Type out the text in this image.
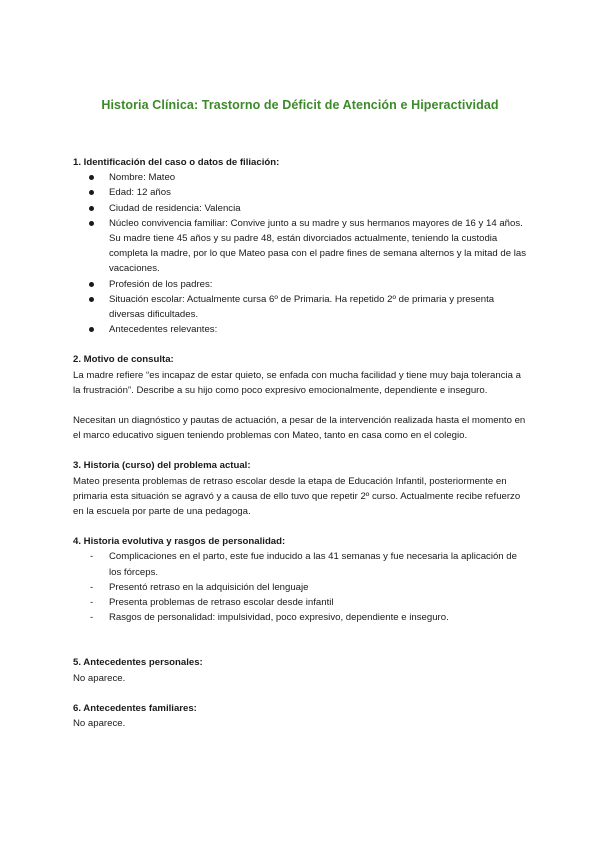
Historia Clínica: Trastorno de Déficit de Atención e Hiperactividad

1. Identificación del caso o datos de filiación:

Nombre: Mateo
Edad: 12 años
Ciudad de residencia: Valencia
Núcleo convivencia familiar: Convive junto a su madre y sus hermanos mayores de 16 y 14 años. Su madre tiene 45 años y su padre 48, están divorciados actualmente, teniendo la custodia completa la madre, por lo que Mateo pasa con el padre fines de semana alternos y la mitad de las vacaciones.
Profesión de los padres:
Situación escolar: Actualmente cursa 6º de Primaria. Ha repetido 2º de primaria y presenta diversas dificultades.
Antecedentes relevantes:

2. Motivo de consulta:

La madre refiere “es incapaz de estar quieto, se enfada con mucha facilidad y tiene muy baja tolerancia a la frustración”. Describe a su hijo como poco expresivo emocionalmente, dependiente e inseguro.

Necesitan un diagnóstico y pautas de actuación, a pesar de la intervención realizada hasta el momento en el marco educativo siguen teniendo problemas con Mateo, tanto en casa como en el colegio.

3. Historia (curso) del problema actual:

Mateo presenta problemas de retraso escolar desde la etapa de Educación Infantil, posteriormente en primaria esta situación se agravó y a causa de ello tuvo que repetir 2º curso. Actualmente recibe refuerzo en la escuela por parte de una pedagoga.

4. Historia evolutiva y rasgos de personalidad:

- Complicaciones en el parto, este fue inducido a las 41 semanas y fue necesaria la aplicación de los fórceps.
- Presentó retraso en la adquisición del lenguaje
- Presenta problemas de retraso escolar desde infantil
- Rasgos de personalidad: impulsividad, poco expresivo, dependiente e inseguro.

5. Antecedentes personales:

No aparece.

6. Antecedentes familiares:

No aparece.
